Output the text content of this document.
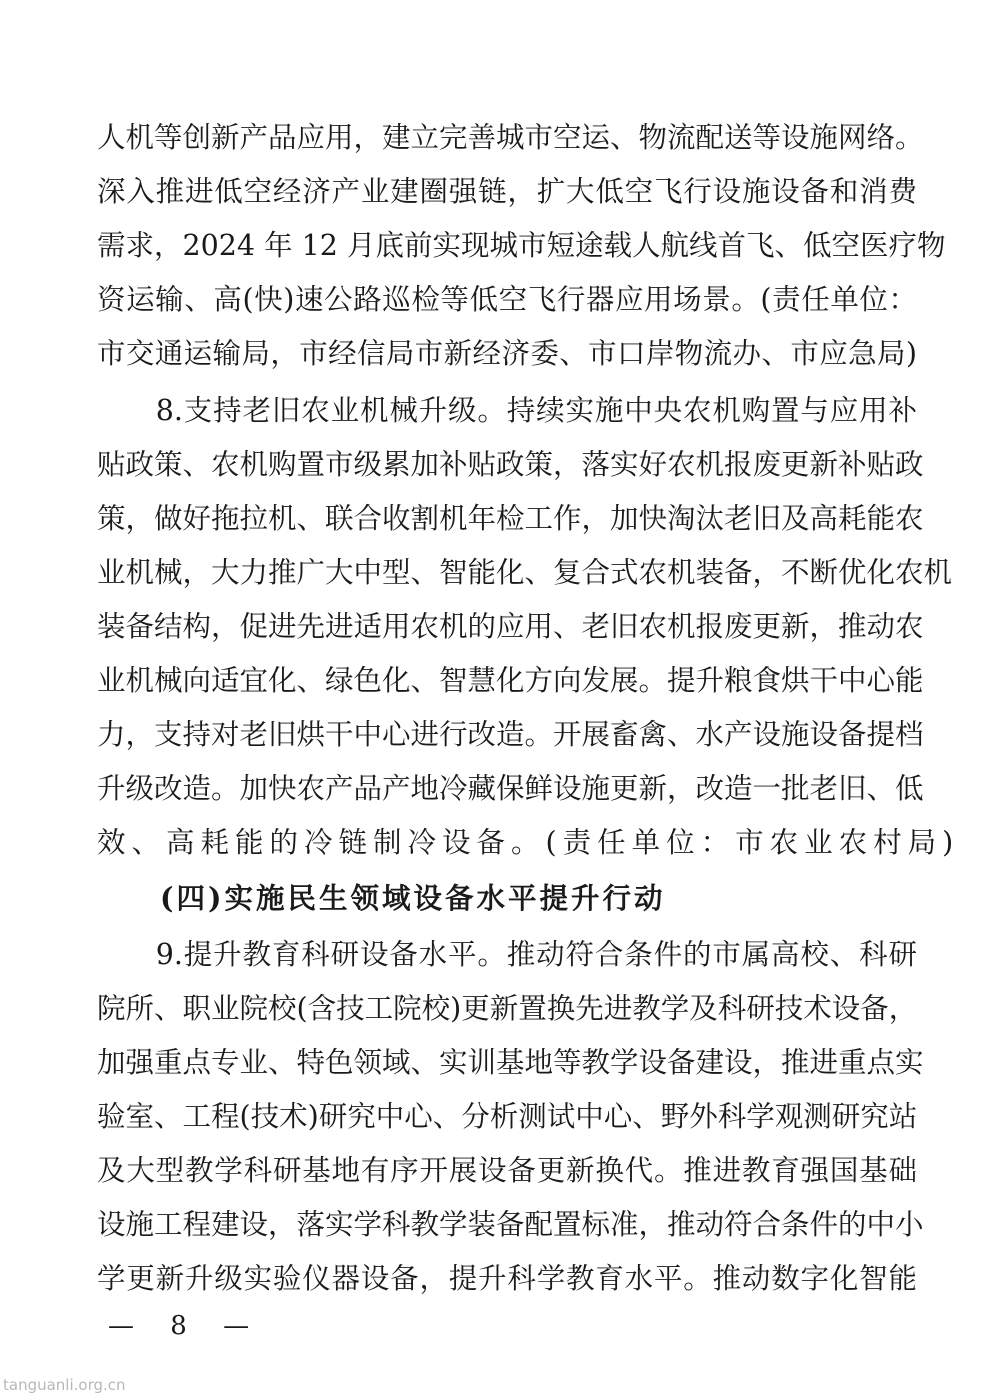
人机等创新产品应用，建立完善城市空运、物流配送等设施网络。
深入推进低空经济产业建圈强链，扩大低空飞行设施设备和消费
需求，2024 年 12 月底前实现城市短途载人航线首飞、低空医疗物
资运输、高(快)速公路巡检等低空飞行器应用场景。(责任单位：
市交通运输局，市经信局市新经济委、市口岸物流办、市应急局)
　　8.支持老旧农业机械升级。持续实施中央农机购置与应用补
贴政策、农机购置市级累加补贴政策，落实好农机报废更新补贴政
策，做好拖拉机、联合收割机年检工作，加快淘汰老旧及高耗能农
业机械，大力推广大中型、智能化、复合式农机装备，不断优化农机
装备结构，促进先进适用农机的应用、老旧农机报废更新，推动农
业机械向适宜化、绿色化、智慧化方向发展。提升粮食烘干中心能
力，支持对老旧烘干中心进行改造。开展畜禽、水产设施设备提档
升级改造。加快农产品产地冷藏保鲜设施更新，改造一批老旧、低
效、高耗能的冷链制冷设备。(责任单位：市农业农村局)
　　(四)实施民生领域设备水平提升行动
　　9.提升教育科研设备水平。推动符合条件的市属高校、科研
院所、职业院校(含技工院校)更新置换先进教学及科研技术设备，
加强重点专业、特色领域、实训基地等教学设备建设，推进重点实
验室、工程(技术)研究中心、分析测试中心、野外科学观测研究站
及大型教学科研基地有序开展设备更新换代。推进教育强国基础
设施工程建设，落实学科教学装备配置标准，推动符合条件的中小
学更新升级实验仪器设备，提升科学教育水平。推动数字化智能
— 8 —
tanguanli.org.cn
